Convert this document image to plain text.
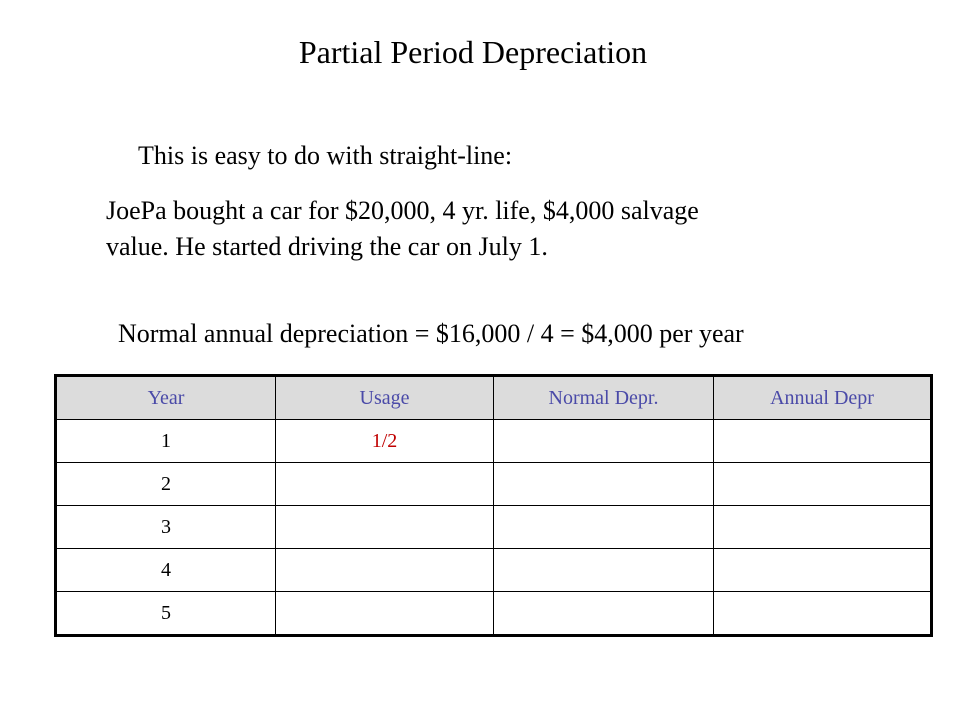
Partial Period Depreciation
This is easy to do with straight-line:
JoePa bought a car for $20,000, 4 yr. life, $4,000 salvage
value. He started driving the car on July 1.
Normal annual depreciation = $16,000 / 4 = $4,000 per year
Year	Usage	Normal Depr.	Annual Depr
1	1/2		
2			
3			
4			
5			
